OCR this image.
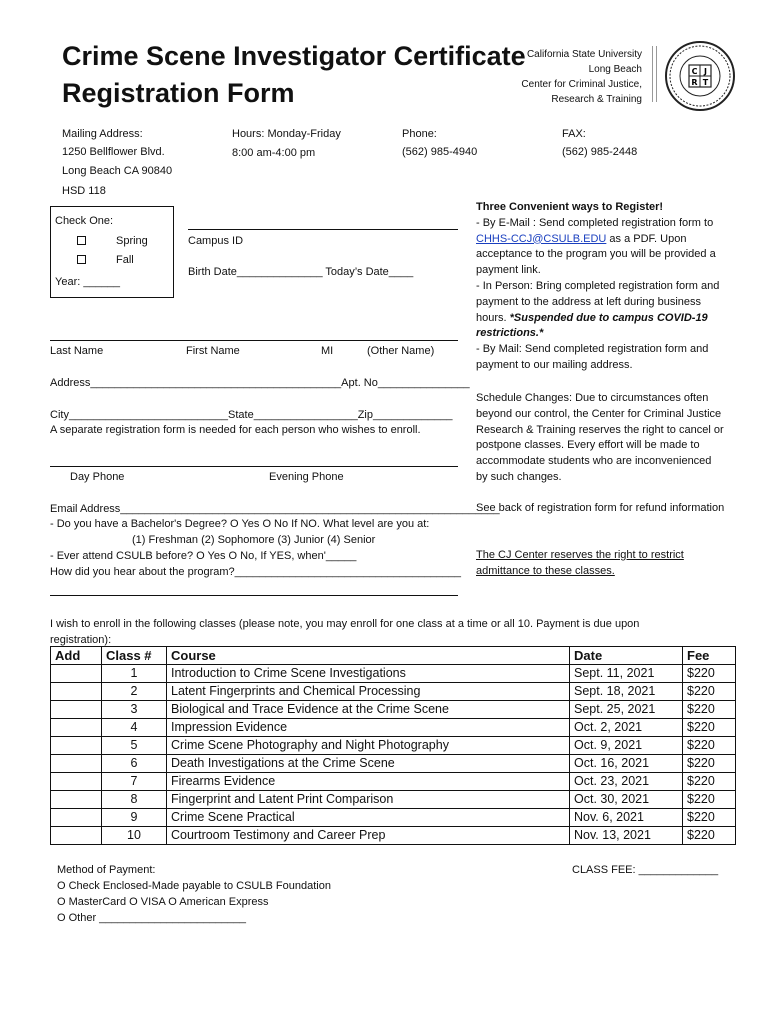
Crime Scene Investigator Certificate
Registration Form
California State University
Long Beach
Center for Criminal Justice,
Research & Training
C J
R T
Mailing Address:
1250 Bellflower Blvd.
Long Beach CA 90840
HSD 118
Hours: Monday-Friday
8:00 am-4:00 pm
Phone:
(562) 985-4940
FAX:
(562) 985-2448
Check One:
Spring
Fall
Year: ______
Campus ID
Birth Date______________ Today’s Date____
Last Name	First Name	MI	(Other Name)
Address_________________________________________Apt. No_______________
City__________________________State_________________Zip_____________
A separate registration form is needed for each person who wishes to enroll.
Day Phone	Evening Phone
Email Address______________________________________________________________
- Do you have a Bachelor's Degree? O Yes O No If NO. What level are you at:
(1) Freshman (2) Sophomore (3) Junior (4) Senior
- Ever attend CSULB before? O Yes O No, If YES, when'_____
How did you hear about the program?_____________________________________

Three Convenient ways to Register!

- By E-Mail : Send completed registration form to CHHS-CCJ@CSULB.EDU as a PDF. Upon acceptance to the program you will be provided a payment link.

- In Person: Bring completed registration form and payment to the address at left during business hours. *Suspended due to campus COVID-19 restrictions.*

- By Mail: Send completed registration form and payment to our mailing address.

Schedule Changes: Due to circumstances often beyond our control, the Center for Criminal Justice Research & Training reserves the right to cancel or postpone classes. Every effort will be made to accommodate students who are inconvenienced by such changes.
See back of registration form for refund information
The CJ Center reserves the right to restrict admittance to these classes.
I wish to enroll in the following classes (please note, you may enroll for one class at a time or all 10. Payment is due upon registration):
Add	Class #	Course	Date	Fee
	1	Introduction to Crime Scene Investigations	Sept. 11, 2021	$220
	2	Latent Fingerprints and Chemical Processing	Sept. 18, 2021	$220
	3	Biological and Trace Evidence at the Crime Scene	Sept. 25, 2021	$220
	4	Impression Evidence	Oct. 2, 2021	$220
	5	Crime Scene Photography and Night Photography	Oct. 9, 2021	$220
	6	Death Investigations at the Crime Scene	Oct. 16, 2021	$220
	7	Firearms Evidence	Oct. 23, 2021	$220
	8	Fingerprint and Latent Print Comparison	Oct. 30, 2021	$220
	9	Crime Scene Practical	Nov. 6, 2021	$220
	10	Courtroom Testimony and Career Prep	Nov. 13, 2021	$220
Method of Payment:
O Check Enclosed-Made payable to CSULB Foundation
O MasterCard O VISA O American Express
O Other ________________________
CLASS FEE: _____________
